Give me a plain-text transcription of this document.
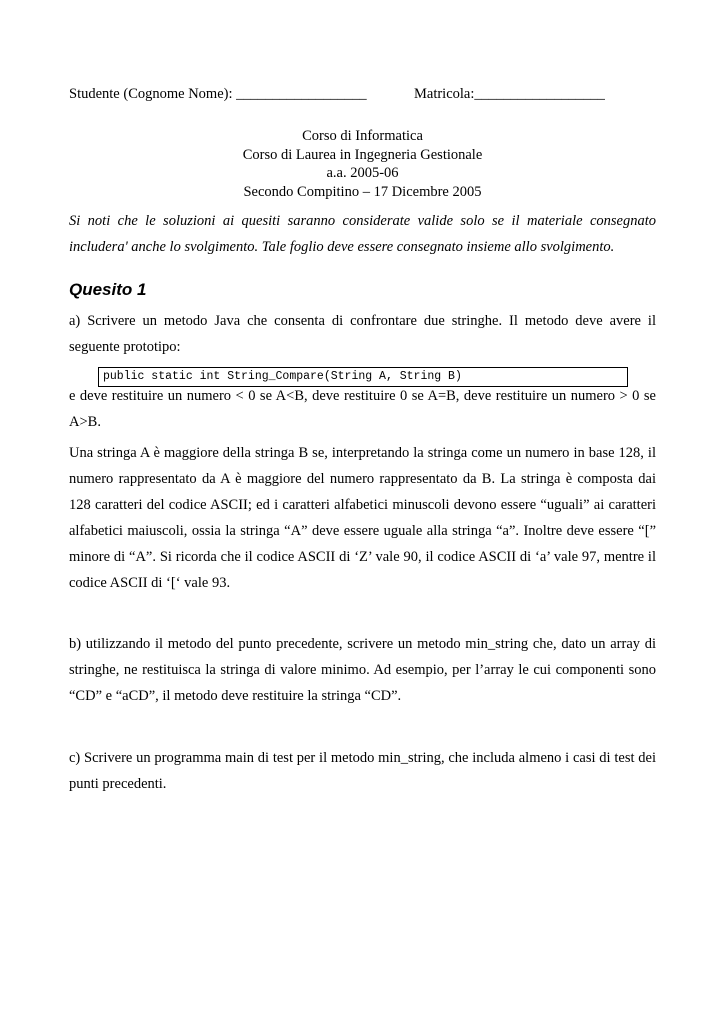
Studente (Cognome Nome): __________________	Matricola:__________________
Corso di Informatica
Corso di Laurea in Ingegneria Gestionale
a.a. 2005-06
Secondo Compitino – 17 Dicembre 2005
Si noti che le soluzioni ai quesiti saranno considerate valide solo se il materiale consegnato includera' anche lo svolgimento. Tale foglio deve essere consegnato insieme allo svolgimento.
Quesito 1
a) Scrivere un metodo Java che consenta di confrontare due stringhe. Il metodo deve avere il seguente prototipo:
public static int String_Compare(String A, String B)
e deve restituire un numero < 0 se A<B, deve restituire 0 se A=B, deve restituire un numero > 0 se A>B.
Una stringa A è maggiore della stringa B se, interpretando la stringa come un numero in base 128, il numero rappresentato da A è maggiore del numero rappresentato da B. La stringa è composta dai 128 caratteri del codice ASCII; ed i caratteri alfabetici minuscoli devono essere “uguali” ai caratteri alfabetici maiuscoli, ossia la stringa “A” deve essere uguale alla stringa “a”. Inoltre deve essere “[” minore di “A”. Si ricorda che il codice ASCII di ‘Z’ vale 90, il codice ASCII di ‘a’ vale 97, mentre il codice ASCII di ‘[‘ vale 93.
b) utilizzando il metodo del punto precedente, scrivere un metodo min_string che, dato un array di stringhe, ne restituisca la stringa di valore minimo. Ad esempio, per l’array le cui componenti sono “CD” e “aCD”, il metodo deve restituire la stringa “CD”.
c) Scrivere un programma main di test per il metodo min_string, che includa almeno i casi di test dei punti precedenti.
